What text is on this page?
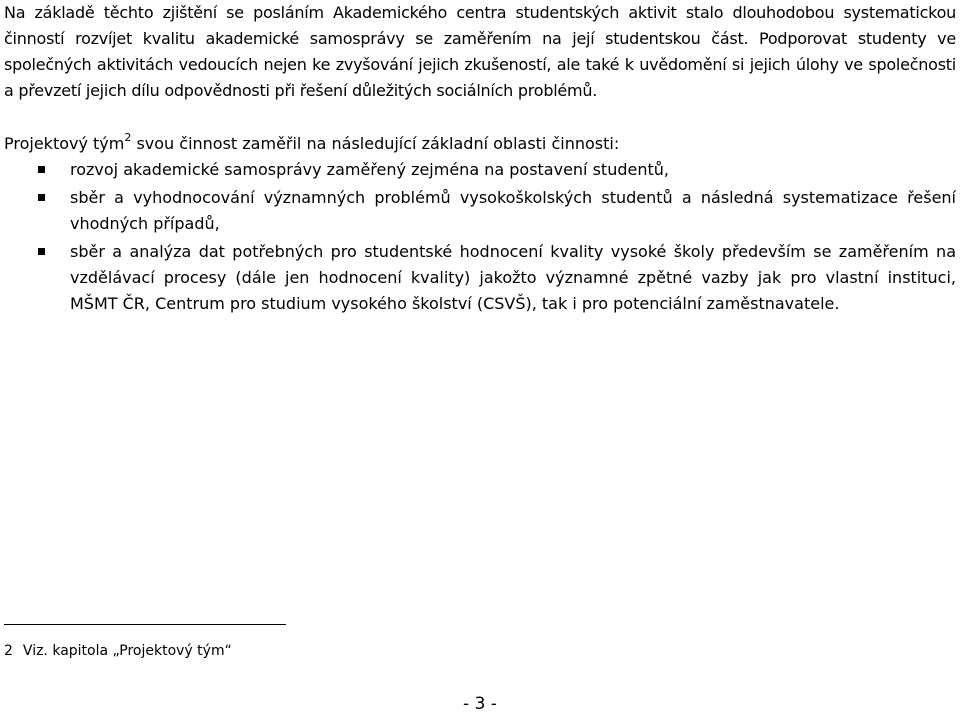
Na základě těchto zjištění se posláním Akademického centra studentských aktivit stalo dlouhodobou systematickou činností rozvíjet kvalitu akademické samosprávy se zaměřením na její studentskou část. Podporovat studenty ve společných aktivitách vedoucích nejen ke zvyšování jejich zkušeností, ale také k uvědomění si jejich úlohy ve společnosti a převzetí jejich dílu odpovědnosti při řešení důležitých sociálních problémů.

Projektový tým$^2$ svou činnost zaměřil na následující základní oblasti činnosti:

rozvoj akademické samosprávy zaměřený zejména na postavení studentů,
sběr a vyhodnocování významných problémů vysokoškolských studentů a následná systematizace řešení vhodných případů,
sběr a analýza dat potřebných pro studentské hodnocení kvality vysoké školy především se zaměřením na vzdělávací procesy (dále jen hodnocení kvality) jakožto významné zpětné vazby jak pro vlastní instituci, MŠMT ČR, Centrum pro studium vysokého školství (CSVŠ), tak i pro potenciální zaměstnavatele.

2 Viz. kapitola „Projektový tým“

- 3 -
